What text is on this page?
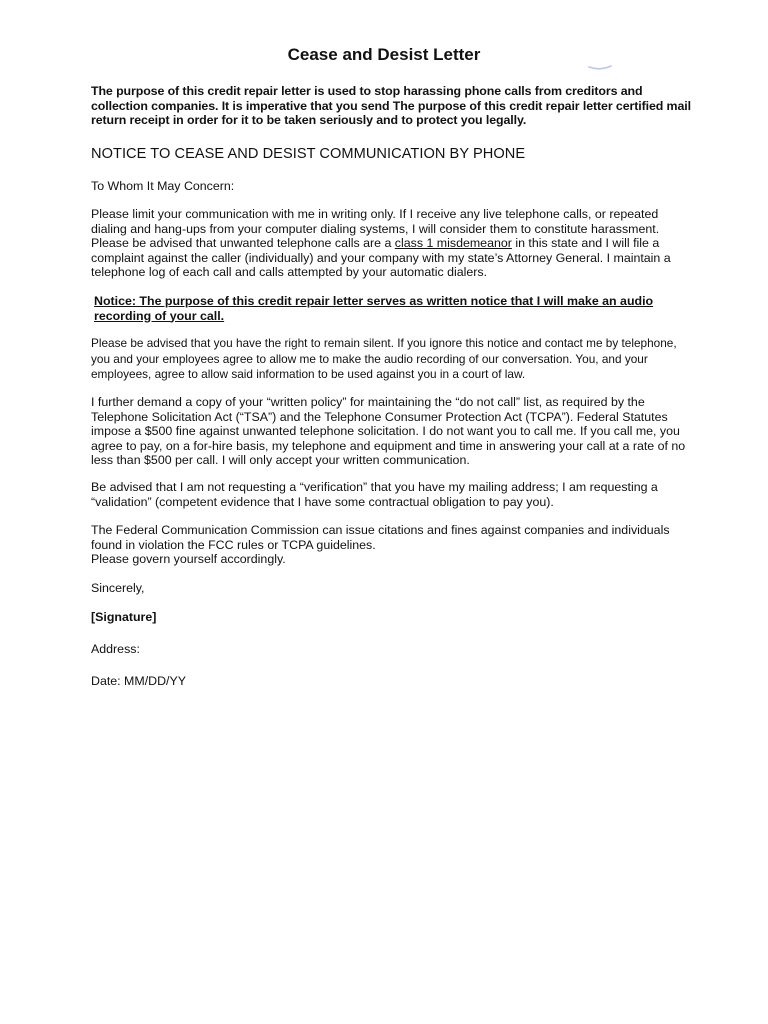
Cease and Desist Letter

The purpose of this credit repair letter is used to stop harassing phone calls from creditors and collection companies. It is imperative that you send The purpose of this credit repair letter certified mail return receipt in order for it to be taken seriously and to protect you legally.

NOTICE TO CEASE AND DESIST COMMUNICATION BY PHONE

To Whom It May Concern:

Please limit your communication with me in writing only. If I receive any live telephone calls, or repeated dialing and hang-ups from your computer dialing systems, I will consider them to constitute harassment. Please be advised that unwanted telephone calls are a class 1 misdemeanor in this state and I will file a complaint against the caller (individually) and your company with my state’s Attorney General. I maintain a telephone log of each call and calls attempted by your automatic dialers.

Notice: The purpose of this credit repair letter serves as written notice that I will make an audio recording of your call.

Please be advised that you have the right to remain silent. If you ignore this notice and contact me by telephone, you and your employees agree to allow me to make the audio recording of our conversation. You, and your employees, agree to allow said information to be used against you in a court of law.

I further demand a copy of your “written policy” for maintaining the “do not call” list, as required by the Telephone Solicitation Act (“TSA”) and the Telephone Consumer Protection Act (TCPA”). Federal Statutes impose a $500 fine against unwanted telephone solicitation. I do not want you to call me. If you call me, you agree to pay, on a for-hire basis, my telephone and equipment and time in answering your call at a rate of no less than $500 per call. I will only accept your written communication.

Be advised that I am not requesting a “verification” that you have my mailing address; I am requesting a “validation” (competent evidence that I have some contractual obligation to pay you).

The Federal Communication Commission can issue citations and fines against companies and individuals found in violation the FCC rules or TCPA guidelines.
Please govern yourself accordingly.

Sincerely,

[Signature]

Address:

Date: MM/DD/YY
